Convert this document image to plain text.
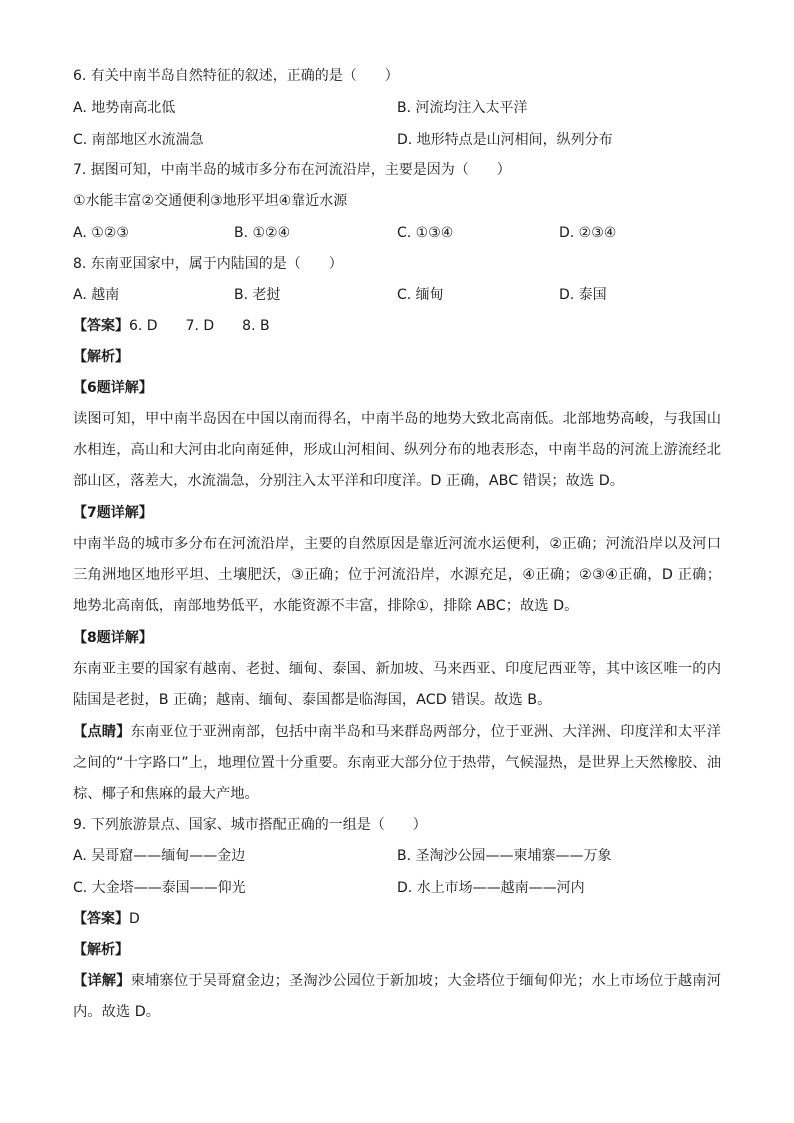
6. 有关中南半岛自然特征的叙述，正确的是（　　）
A. 地势南高北低	B. 河流均注入太平洋
C. 南部地区水流湍急	D. 地形特点是山河相间，纵列分布
7. 据图可知，中南半岛的城市多分布在河流沿岸，主要是因为（　　）
①水能丰富②交通便利③地形平坦④靠近水源
A. ①②③	B. ①②④	C. ①③④	D. ②③④
8. 东南亚国家中，属于内陆国的是（　　）
A. 越南	B. 老挝	C. 缅甸	D. 泰国
【答案】6. D　　7. D　　8. B
【解析】
【6题详解】
读图可知，甲中南半岛因在中国以南而得名，中南半岛的地势大致北高南低。北部地势高峻，与我国山水相连，高山和大河由北向南延伸，形成山河相间、纵列分布的地表形态，中南半岛的河流上游流经北部山区，落差大，水流湍急，分别注入太平洋和印度洋。D 正确，ABC 错误；故选 D。
【7题详解】
中南半岛的城市多分布在河流沿岸，主要的自然原因是靠近河流水运便利，②正确；河流沿岸以及河口三角洲地区地形平坦、土壤肥沃，③正确；位于河流沿岸，水源充足，④正确；②③④正确，D 正确；地势北高南低，南部地势低平，水能资源不丰富，排除①，排除 ABC；故选 D。
【8题详解】
东南亚主要的国家有越南、老挝、缅甸、泰国、新加坡、马来西亚、印度尼西亚等，其中该区唯一的内陆国是老挝，B 正确；越南、缅甸、泰国都是临海国，ACD 错误。故选 B。
【点睛】东南亚位于亚洲南部，包括中南半岛和马来群岛两部分，位于亚洲、大洋洲、印度洋和太平洋之间的“十字路口”上，地理位置十分重要。东南亚大部分位于热带，气候湿热，是世界上天然橡胶、油棕、椰子和焦麻的最大产地。
9. 下列旅游景点、国家、城市搭配正确的一组是（　　）
A. 吴哥窟——缅甸——金边	B. 圣淘沙公园——柬埔寨——万象
C. 大金塔——泰国——仰光	D. 水上市场——越南——河内
【答案】D
【解析】
【详解】柬埔寨位于吴哥窟金边；圣淘沙公园位于新加坡；大金塔位于缅甸仰光；水上市场位于越南河内。故选 D。
